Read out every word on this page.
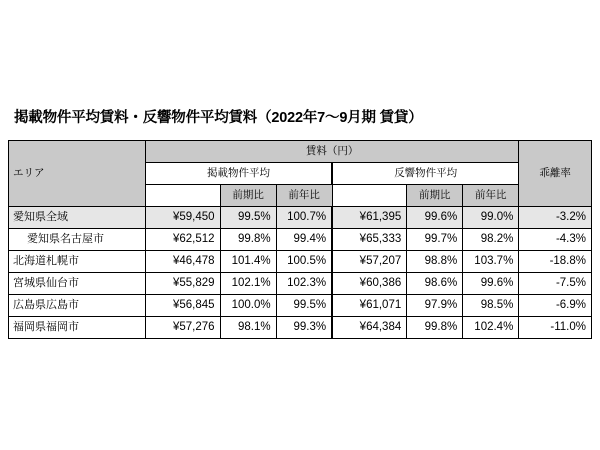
掲載物件平均賃料・反響物件平均賃料（2022年7〜9月期 賃貸）
エリア	賃料（円）						乖離率
	掲載物件平均			反響物件平均			
		前期比	前年比		前期比	前年比	
愛知県全域	¥59,450	99.5%	100.7%	¥61,395	99.6%	99.0%	-3.2%
愛知県名古屋市	¥62,512	99.8%	99.4%	¥65,333	99.7%	98.2%	-4.3%
北海道札幌市	¥46,478	101.4%	100.5%	¥57,207	98.8%	103.7%	-18.8%
宮城県仙台市	¥55,829	102.1%	102.3%	¥60,386	98.6%	99.6%	-7.5%
広島県広島市	¥56,845	100.0%	99.5%	¥61,071	97.9%	98.5%	-6.9%
福岡県福岡市	¥57,276	98.1%	99.3%	¥64,384	99.8%	102.4%	-11.0%
